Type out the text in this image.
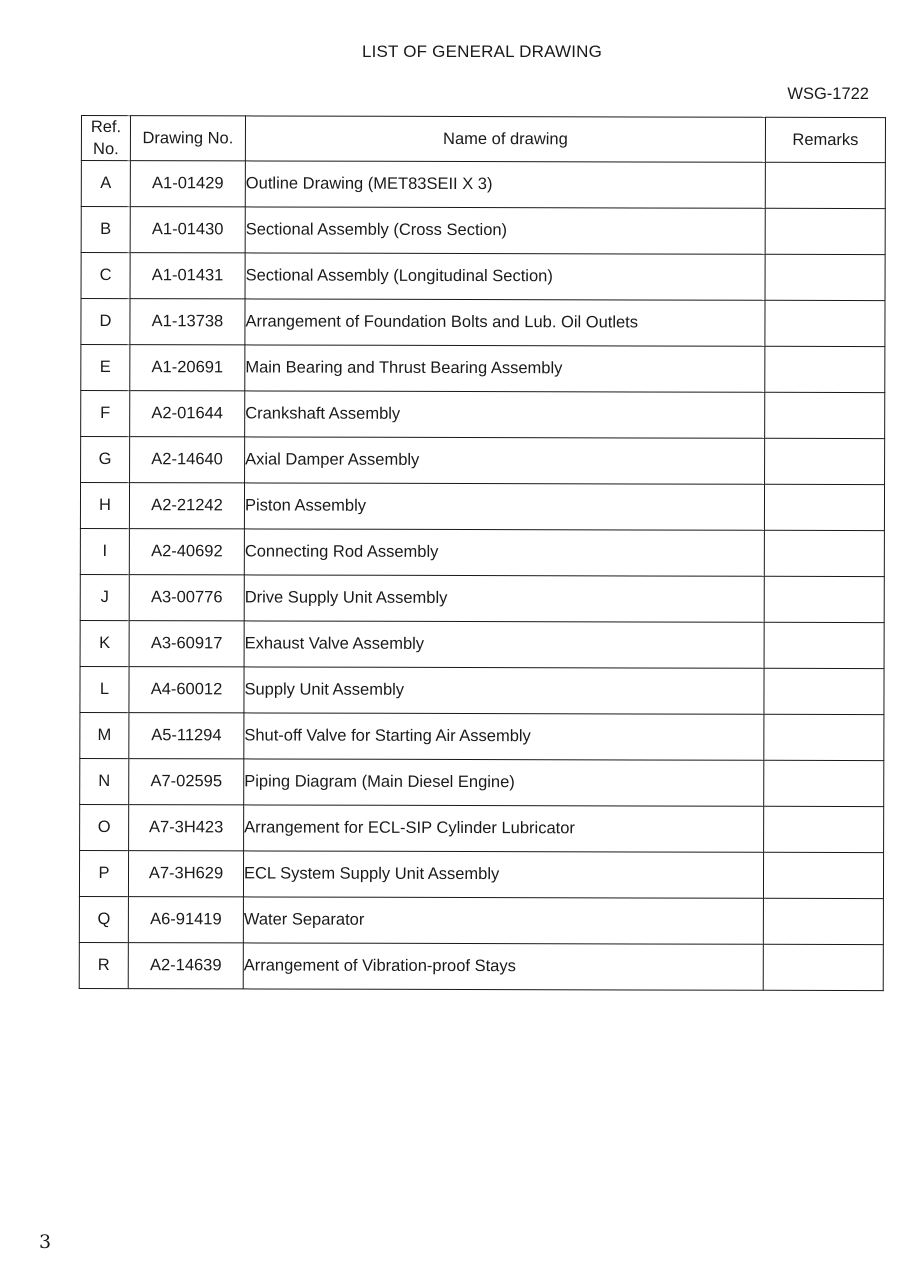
LIST OF GENERAL DRAWING
WSG-1722
Ref.
No.	Drawing No.	Name of drawing	Remarks
A	A1-01429	Outline Drawing (MET83SEII X 3)	
B	A1-01430	Sectional Assembly (Cross Section)	
C	A1-01431	Sectional Assembly (Longitudinal Section)	
D	A1-13738	Arrangement of Foundation Bolts and Lub. Oil Outlets	
E	A1-20691	Main Bearing and Thrust Bearing Assembly	
F	A2-01644	Crankshaft Assembly	
G	A2-14640	Axial Damper Assembly	
H	A2-21242	Piston Assembly	
I	A2-40692	Connecting Rod Assembly	
J	A3-00776	Drive Supply Unit Assembly	
K	A3-60917	Exhaust Valve Assembly	
L	A4-60012	Supply Unit Assembly	
M	A5-11294	Shut-off Valve for Starting Air Assembly	
N	A7-02595	Piping Diagram (Main Diesel Engine)	
O	A7-3H423	Arrangement for ECL-SIP Cylinder Lubricator	
P	A7-3H629	ECL System Supply Unit Assembly	
Q	A6-91419	Water Separator	
R	A2-14639	Arrangement of Vibration-proof Stays	
3
